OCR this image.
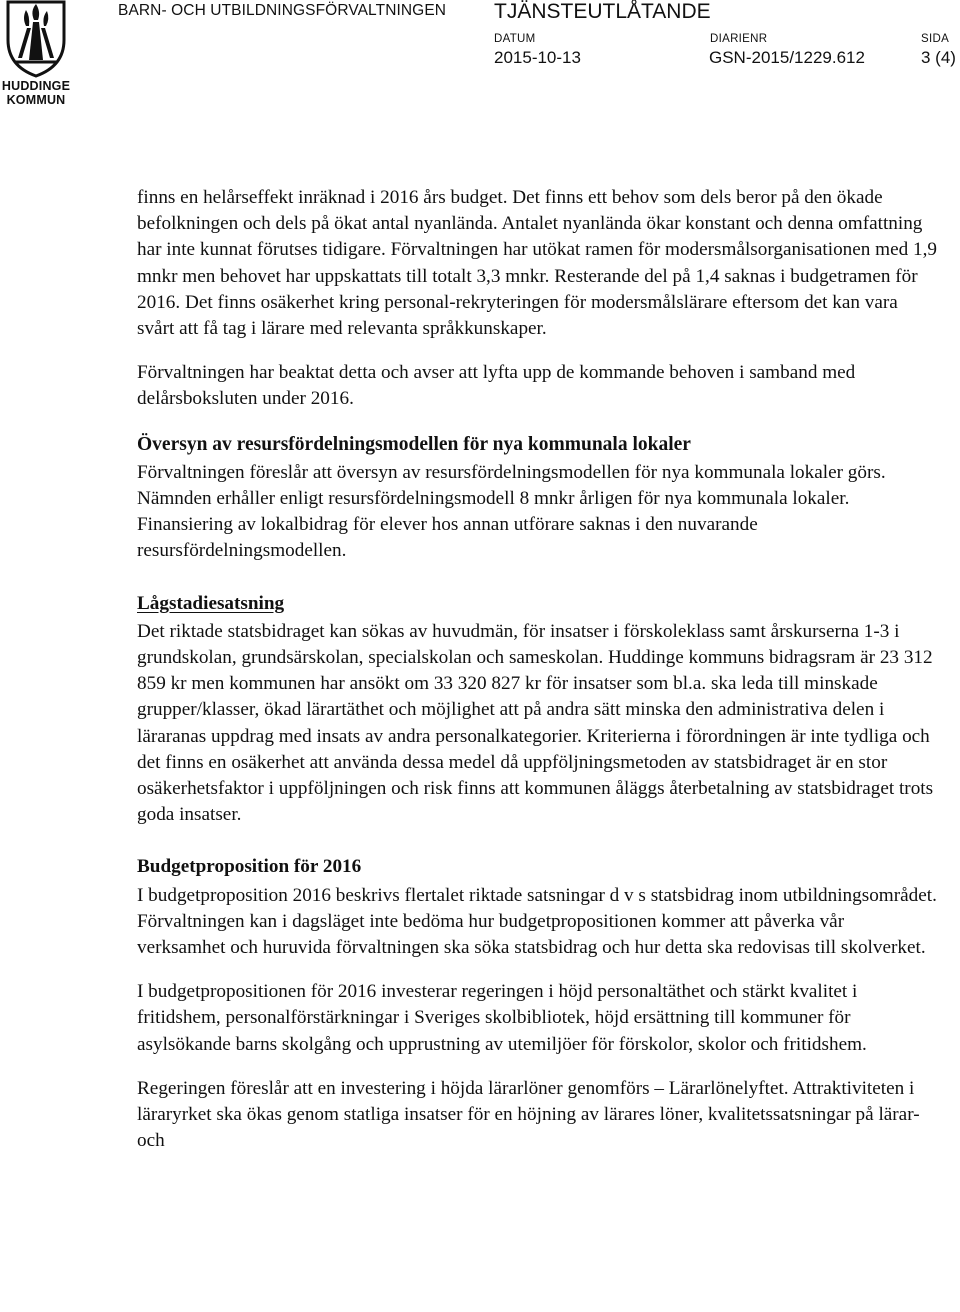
HUDDINGE KOMMUN
BARN- OCH UTBILDNINGSFÖRVALTNINGEN TJÄNSTEUTLÅTANDE
DATUM	DIARIENR	SIDA
2015-10-13	GSN-2015/1229.612	3 (4)

finns en helårseffekt inräknad i 2016 års budget. Det finns ett behov som dels beror på den ökade befolkningen och dels på ökat antal nyanlända. Antalet nyanlända ökar konstant och denna omfattning har inte kunnat förutses tidigare. Förvaltningen har utökat ramen för modersmålsorganisationen med 1,9 mnkr men behovet har uppskattats till totalt 3,3 mnkr. Resterande del på 1,4 saknas i budgetramen för 2016. Det finns osäkerhet kring personal-rekryteringen för modersmålslärare eftersom det kan vara svårt att få tag i lärare med relevanta språkkunskaper.

Förvaltningen har beaktat detta och avser att lyfta upp de kommande behoven i samband med delårsboksluten under 2016.

Översyn av resursfördelningsmodellen för nya kommunala lokaler

Förvaltningen föreslår att översyn av resursfördelningsmodellen för nya kommunala lokaler görs. Nämnden erhåller enligt resursfördelningsmodell 8 mnkr årligen för nya kommunala lokaler. Finansiering av lokalbidrag för elever hos annan utförare saknas i den nuvarande resursfördelningsmodellen.

Lågstadiesatsning

Det riktade statsbidraget kan sökas av huvudmän, för insatser i förskoleklass samt årskurserna 1-3 i grundskolan, grundsärskolan, specialskolan och sameskolan. Huddinge kommuns bidragsram är 23 312 859 kr men kommunen har ansökt om 33 320 827 kr för insatser som bl.a. ska leda till minskade grupper/klasser, ökad lärartäthet och möjlighet att på andra sätt minska den administrativa delen i läraranas uppdrag med insats av andra personalkategorier. Kriterierna i förordningen är inte tydliga och det finns en osäkerhet att använda dessa medel då uppföljningsmetoden av statsbidraget är en stor osäkerhetsfaktor i uppföljningen och risk finns att kommunen åläggs återbetalning av statsbidraget trots goda insatser.

Budgetproposition för 2016

I budgetproposition 2016 beskrivs flertalet riktade satsningar d v s statsbidrag inom utbildningsområdet. Förvaltningen kan i dagsläget inte bedöma hur budgetpropositionen kommer att påverka vår verksamhet och huruvida förvaltningen ska söka statsbidrag och hur detta ska redovisas till skolverket.

I budgetpropositionen för 2016 investerar regeringen i höjd personaltäthet och stärkt kvalitet i fritidshem, personalförstärkningar i Sveriges skolbibliotek, höjd ersättning till kommuner för asylsökande barns skolgång och upprustning av utemiljöer för förskolor, skolor och fritidshem.

Regeringen föreslår att en investering i höjda lärarlöner genomförs – Lärarlönelyftet. Attraktiviteten i läraryrket ska ökas genom statliga insatser för en höjning av lärares löner, kvalitetssatsningar på lärar- och
